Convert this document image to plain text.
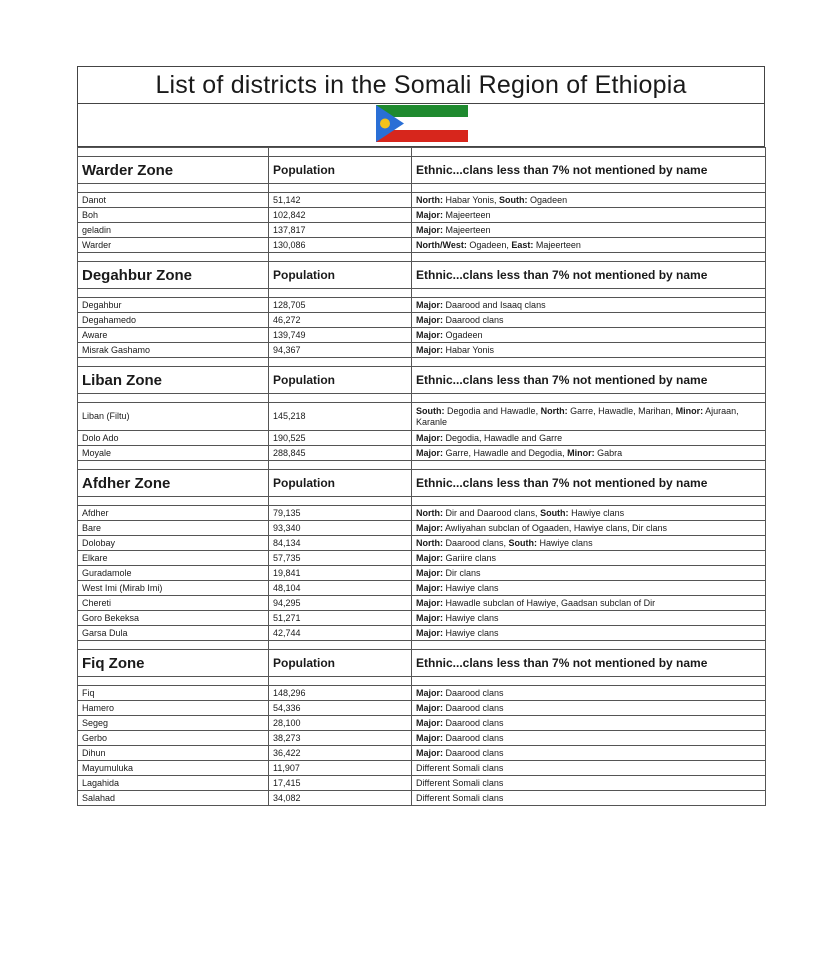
List of districts in the Somali Region of Ethiopia

Warder Zone	Population	Ethnic...clans less than 7% not mentioned by name

Danot	51,142	North: Habar Yonis, South: Ogadeen
Boh	102,842	Major: Majeerteen
geladin	137,817	Major: Majeerteen
Warder	130,086	North/West: Ogadeen, East: Majeerteen

Degahbur Zone	Population	Ethnic...clans less than 7% not mentioned by name

Degahbur	128,705	Major: Daarood and Isaaq clans
Degahamedo	46,272	Major: Daarood clans
Aware	139,749	Major: Ogadeen
Misrak Gashamo	94,367	Major: Habar Yonis

Liban Zone	Population	Ethnic...clans less than 7% not mentioned by name

Liban (Filtu)	145,218	South: Degodia and Hawadle, North: Garre, Hawadle, Marihan, Minor: Ajuraan, Karanle
Dolo Ado	190,525	Major: Degodia, Hawadle and Garre
Moyale	288,845	Major: Garre, Hawadle and Degodia, Minor: Gabra

Afdher Zone	Population	Ethnic...clans less than 7% not mentioned by name

Afdher	79,135	North: Dir and Daarood clans, South: Hawiye clans
Bare	93,340	Major: Awliyahan subclan of Ogaaden, Hawiye clans, Dir clans
Dolobay	84,134	North: Daarood clans, South: Hawiye clans
Elkare	57,735	Major: Gariire clans
Guradamole	19,841	Major: Dir clans
West Imi (Mirab Imi)	48,104	Major: Hawiye clans
Chereti	94,295	Major: Hawadle subclan of Hawiye, Gaadsan subclan of Dir
Goro Bekeksa	51,271	Major: Hawiye clans
Garsa Dula	42,744	Major: Hawiye clans

Fiq Zone	Population	Ethnic...clans less than 7% not mentioned by name

Fiq	148,296	Major: Daarood clans
Hamero	54,336	Major: Daarood clans
Segeg	28,100	Major: Daarood clans
Gerbo	38,273	Major: Daarood clans
Dihun	36,422	Major: Daarood clans
Mayumuluka	11,907	Different Somali clans
Lagahida	17,415	Different Somali clans
Salahad	34,082	Different Somali clans
